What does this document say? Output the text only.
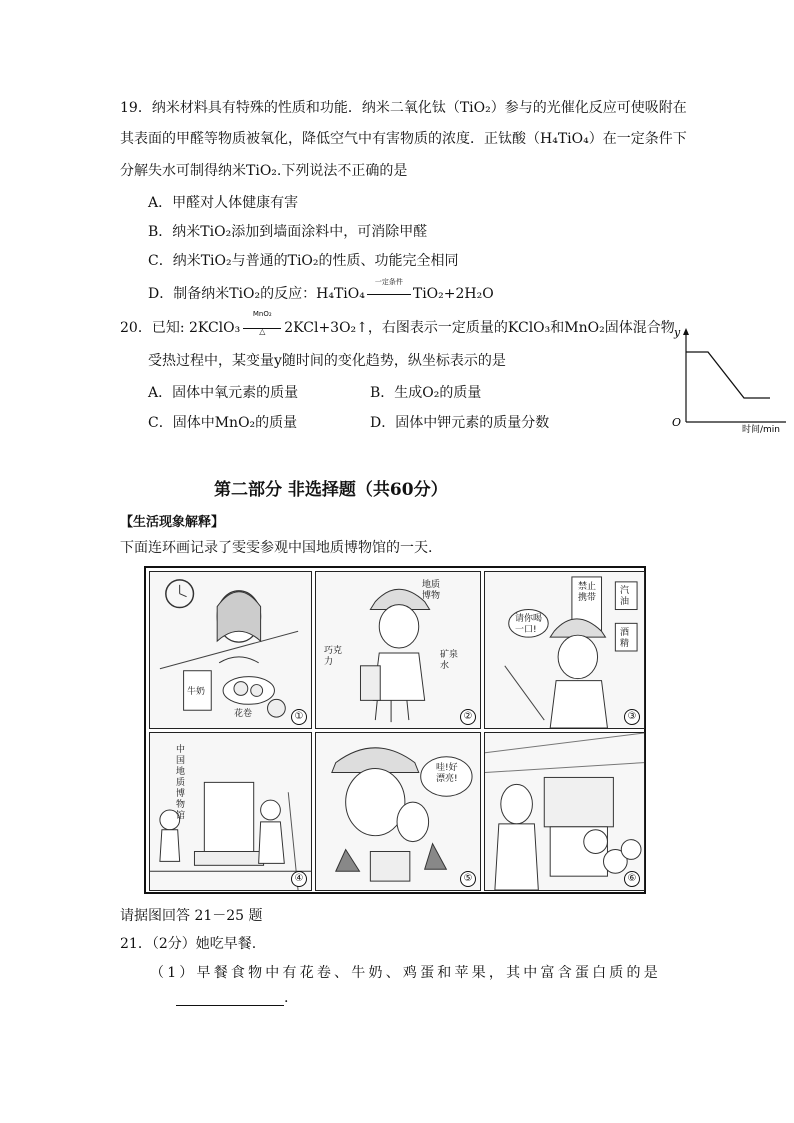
19．纳米材料具有特殊的性质和功能．纳米二氧化钛（TiO₂）参与的光催化反应可使吸附在
其表面的甲醛等物质被氧化，降低空气中有害物质的浓度．正钛酸（H₄TiO₄）在一定条件下
分解失水可制得纳米TiO₂.下列说法不正确的是
A．甲醛对人体健康有害
B．纳米TiO₂添加到墙面涂料中，可消除甲醛
C．纳米TiO₂与普通的TiO₂的性质、功能完全相同
D．制备纳米TiO₂的反应：H₄TiO₄
一定条件
TiO₂+2H₂O
20．已知: 2KClO₃
MnO₂
△	2KCl+3O₂↑，右图表示一定质量的KClO₃和MnO₂固体混合物
受热过程中，某变量y随时间的变化趋势，纵坐标表示的是
A．固体中氧元素的质量	B．生成O₂的质量
C．固体中MnO₂的质量	D．固体中钾元素的质量分数
y
O
时间/min
第二部分 非选择题（共60分）
【生活现象解释】
下面连环画记录了雯雯参观中国地质博物馆的一天.
牛奶
花卷	①
地质博物
巧克力
矿泉水
②
禁止携带
请你喝一口!
汽油
酒精
③
中国地质博物馆
④
哇!好漂亮!
⑤	⑥
请据图回答 21－25 题
21．（2分）她吃早餐.
（1）早餐食物中有花卷、牛奶、鸡蛋和苹果，其中富含蛋白质的是
.
